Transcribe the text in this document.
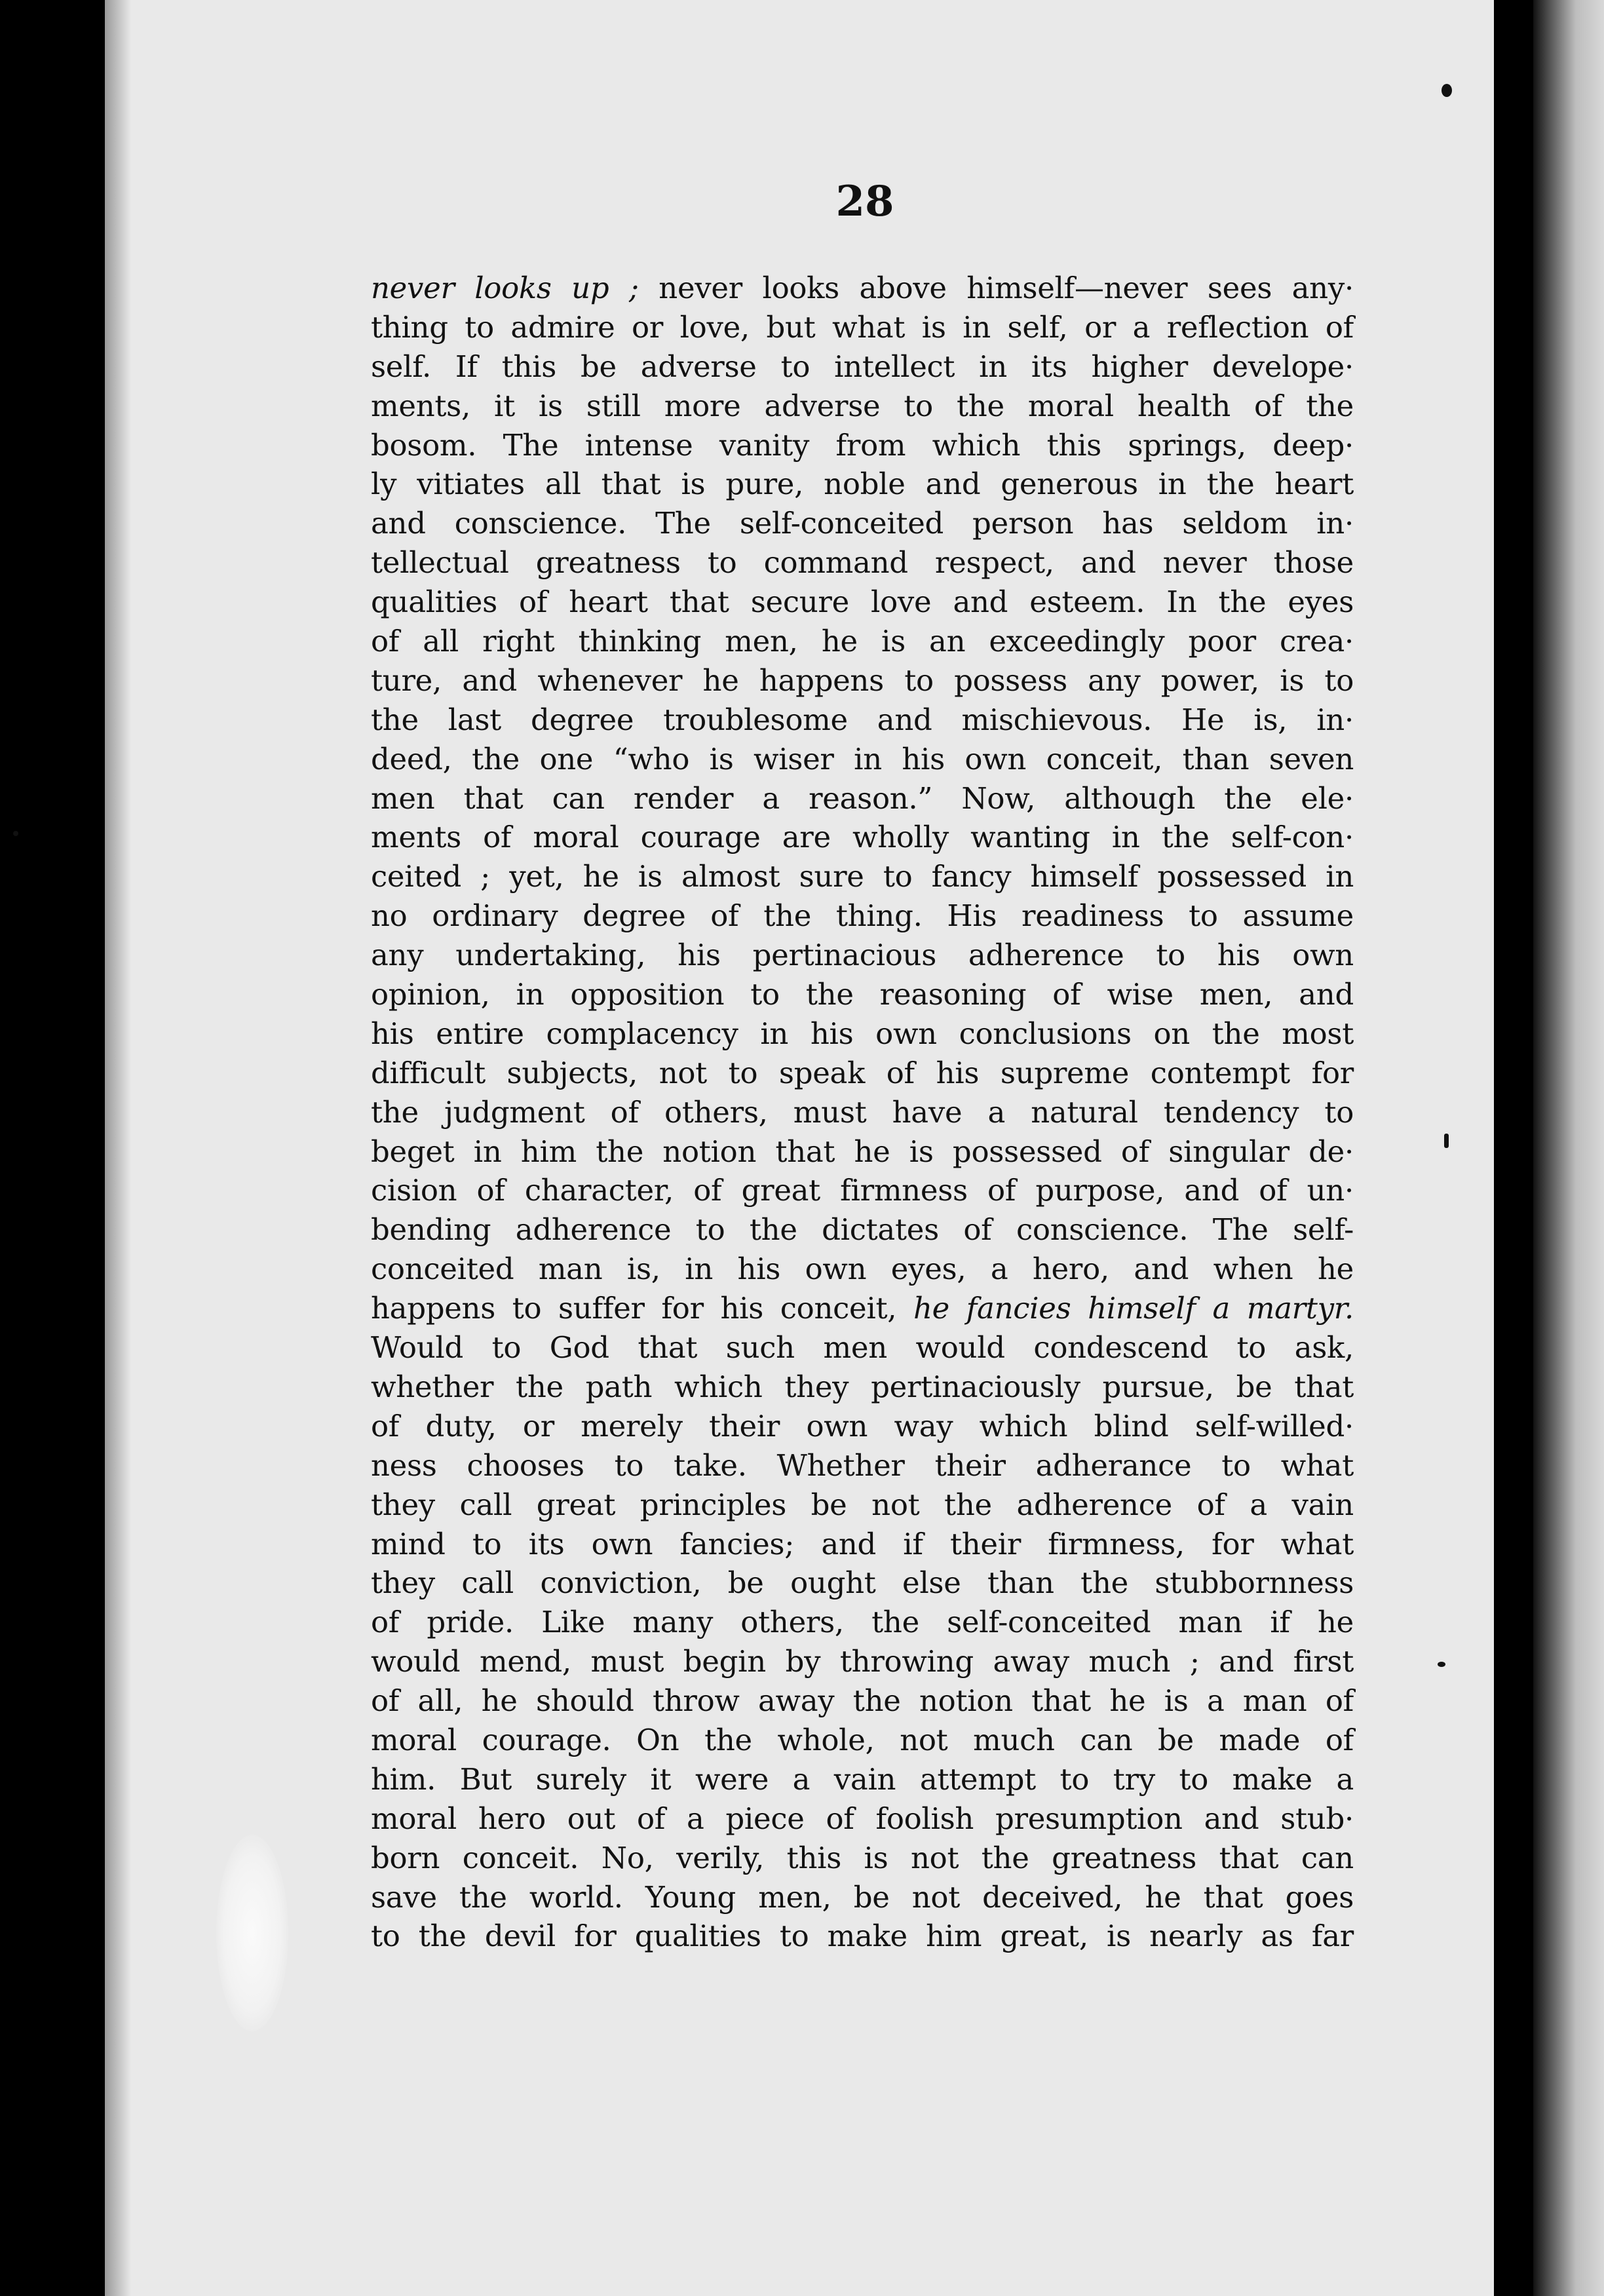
28
never looks up ; never looks above himself—never sees any·
thing to admire or love, but what is in self, or a reflection of
self. If this be adverse to intellect in its higher develope·
ments, it is still more adverse to the moral health of the
bosom. The intense vanity from which this springs, deep·
ly vitiates all that is pure, noble and generous in the heart
and conscience. The self-conceited person has seldom in·
tellectual greatness to command respect, and never those
qualities of heart that secure love and esteem. In the eyes
of all right thinking men, he is an exceedingly poor crea·
ture, and whenever he happens to possess any power, is to
the last degree troublesome and mischievous. He is, in·
deed, the one “who is wiser in his own conceit, than seven
men that can render a reason.” Now, although the ele·
ments of moral courage are wholly wanting in the self-con·
ceited ; yet, he is almost sure to fancy himself possessed in
no ordinary degree of the thing. His readiness to assume
any undertaking, his pertinacious adherence to his own
opinion, in opposition to the reasoning of wise men, and
his entire complacency in his own conclusions on the most
difficult subjects, not to speak of his supreme contempt for
the judgment of others, must have a natural tendency to
beget in him the notion that he is possessed of singular de·
cision of character, of great firmness of purpose, and of un·
bending adherence to the dictates of conscience. The self-
conceited man is, in his own eyes, a hero, and when he
happens to suffer for his conceit, he fancies himself a martyr.
Would to God that such men would condescend to ask,
whether the path which they pertinaciously pursue, be that
of duty, or merely their own way which blind self-willed·
ness chooses to take. Whether their adherance to what
they call great principles be not the adherence of a vain
mind to its own fancies; and if their firmness, for what
they call conviction, be ought else than the stubbornness
of pride. Like many others, the self-conceited man if he
would mend, must begin by throwing away much ; and first
of all, he should throw away the notion that he is a man of
moral courage. On the whole, not much can be made of
him. But surely it were a vain attempt to try to make a
moral hero out of a piece of foolish presumption and stub·
born conceit. No, verily, this is not the greatness that can
save the world. Young men, be not deceived, he that goes
to the devil for qualities to make him great, is nearly as far
